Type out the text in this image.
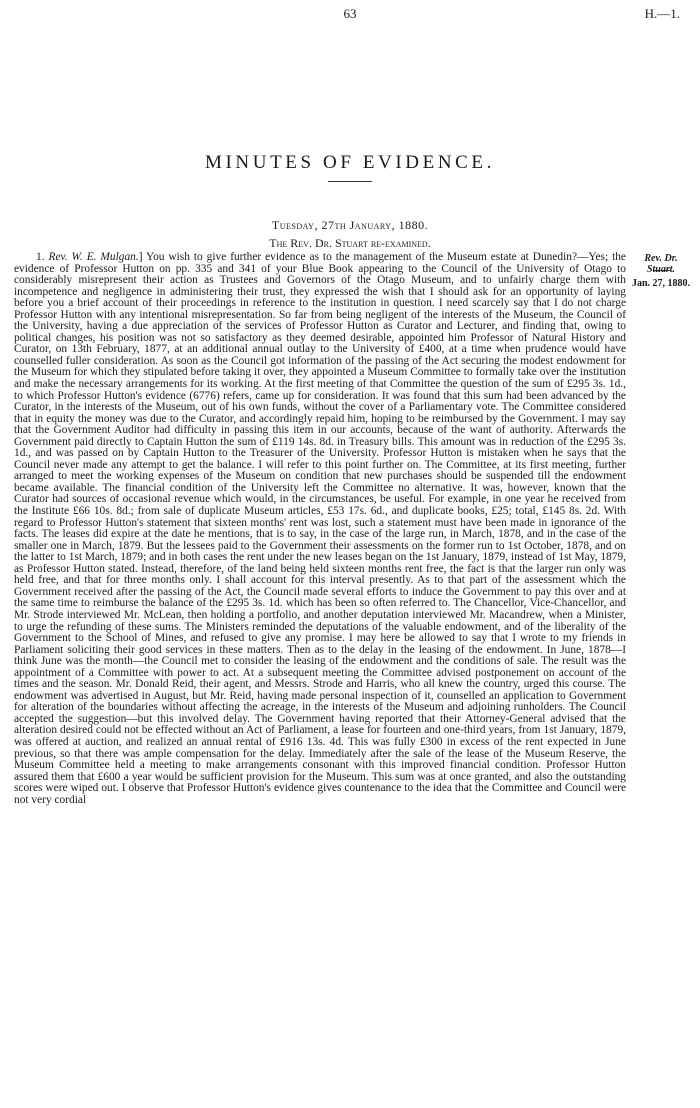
63	H.—1.
MINUTES OF EVIDENCE.
Tuesday, 27th January, 1880.
The Rev. Dr. Stuart re-examined.
Rev. Dr. Stuart.
Jan. 27, 1880.
1. Rev. W. E. Mulgan.] You wish to give further evidence as to the management of the Museum estate at Dunedin?—Yes; the evidence of Professor Hutton on pp. 335 and 341 of your Blue Book appearing to the Council of the University of Otago to considerably misrepresent their action as Trustees and Governors of the Otago Museum, and to unfairly charge them with incompetence and negligence in administering their trust, they expressed the wish that I should ask for an opportunity of laying before you a brief account of their proceedings in reference to the institution in question. I need scarcely say that I do not charge Professor Hutton with any intentional misrepresentation. So far from being negligent of the interests of the Museum, the Council of the University, having a due appreciation of the services of Professor Hutton as Curator and Lecturer, and finding that, owing to political changes, his position was not so satisfactory as they deemed desirable, appointed him Professor of Natural History and Curator, on 13th February, 1877, at an additional annual outlay to the University of £400, at a time when prudence would have counselled fuller consideration. As soon as the Council got information of the passing of the Act securing the modest endowment for the Museum for which they stipulated before taking it over, they appointed a Museum Committee to formally take over the institution and make the necessary arrangements for its working. At the first meeting of that Committee the question of the sum of £295 3s. 1d., to which Professor Hutton's evidence (6776) refers, came up for consideration. It was found that this sum had been advanced by the Curator, in the interests of the Museum, out of his own funds, without the cover of a Parliamentary vote. The Committee considered that in equity the money was due to the Curator, and accordingly repaid him, hoping to be reimbursed by the Government. I may say that the Government Auditor had difficulty in passing this item in our accounts, because of the want of authority. Afterwards the Government paid directly to Captain Hutton the sum of £119 14s. 8d. in Treasury bills. This amount was in reduction of the £295 3s. 1d., and was passed on by Captain Hutton to the Treasurer of the University. Professor Hutton is mistaken when he says that the Council never made any attempt to get the balance. I will refer to this point further on. The Committee, at its first meeting, further arranged to meet the working expenses of the Museum on condition that new purchases should be suspended till the endowment became available. The financial condition of the University left the Committee no alternative. It was, however, known that the Curator had sources of occasional revenue which would, in the circumstances, be useful. For example, in one year he received from the Institute £66 10s. 8d.; from sale of duplicate Museum articles, £53 17s. 6d., and duplicate books, £25; total, £145 8s. 2d. With regard to Professor Hutton's statement that sixteen months' rent was lost, such a statement must have been made in ignorance of the facts. The leases did expire at the date he mentions, that is to say, in the case of the large run, in March, 1878, and in the case of the smaller one in March, 1879. But the lessees paid to the Government their assessments on the former run to 1st October, 1878, and on the latter to 1st March, 1879; and in both cases the rent under the new leases began on the 1st January, 1879, instead of 1st May, 1879, as Professor Hutton stated. Instead, therefore, of the land being held sixteen months rent free, the fact is that the larger run only was held free, and that for three months only. I shall account for this interval presently. As to that part of the assessment which the Government received after the passing of the Act, the Council made several efforts to induce the Government to pay this over and at the same time to reimburse the balance of the £295 3s. 1d. which has been so often referred to. The Chancellor, Vice-Chancellor, and Mr. Strode interviewed Mr. McLean, then holding a portfolio, and another deputation interviewed Mr. Macandrew, when a Minister, to urge the refunding of these sums. The Ministers reminded the deputations of the valuable endowment, and of the liberality of the Government to the School of Mines, and refused to give any promise. I may here be allowed to say that I wrote to my friends in Parliament soliciting their good services in these matters. Then as to the delay in the leasing of the endowment. In June, 1878—I think June was the month—the Council met to consider the leasing of the endowment and the conditions of sale. The result was the appointment of a Committee with power to act. At a subsequent meeting the Committee advised postponement on account of the times and the season. Mr. Donald Reid, their agent, and Messrs. Strode and Harris, who all knew the country, urged this course. The endowment was advertised in August, but Mr. Reid, having made personal inspection of it, counselled an application to Government for alteration of the boundaries without affecting the acreage, in the interests of the Museum and adjoining runholders. The Council accepted the suggestion—but this involved delay. The Government having reported that their Attorney-General advised that the alteration desired could not be effected without an Act of Parliament, a lease for fourteen and one-third years, from 1st January, 1879, was offered at auction, and realized an annual rental of £916 13s. 4d. This was fully £300 in excess of the rent expected in June previous, so that there was ample compensation for the delay. Immediately after the sale of the lease of the Museum Reserve, the Museum Committee held a meeting to make arrangements consonant with this improved financial condition. Professor Hutton assured them that £600 a year would be sufficient provision for the Museum. This sum was at once granted, and also the outstanding scores were wiped out. I observe that Professor Hutton's evidence gives countenance to the idea that the Committee and Council were not very cordial
